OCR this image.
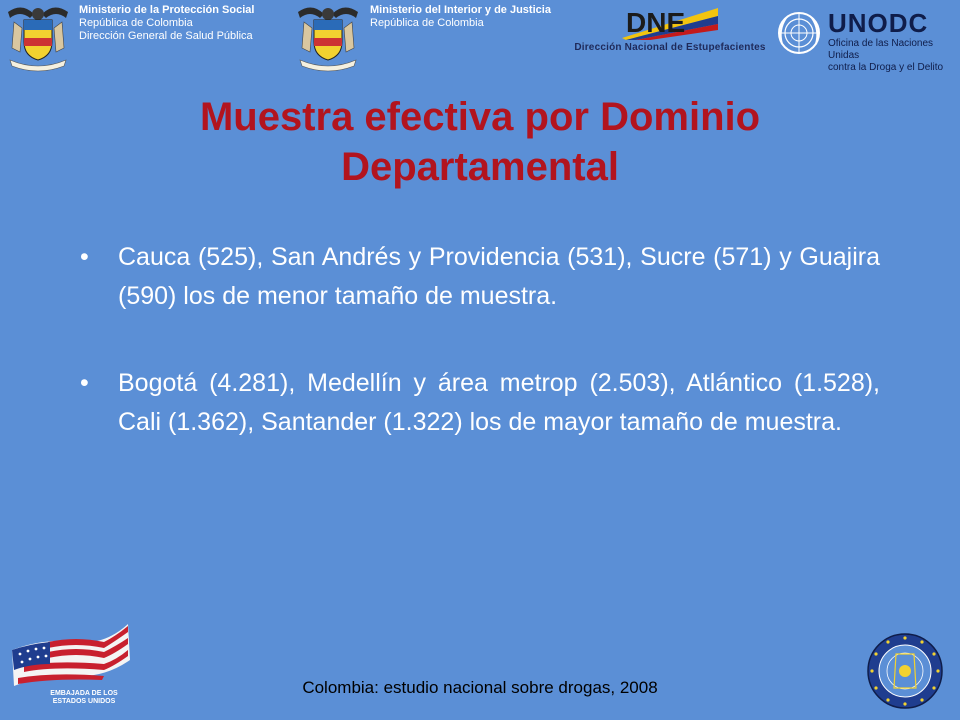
Ministerio de la Protección Social
República de Colombia
Dirección General de Salud Pública
Ministerio del Interior y de Justicia
República de Colombia	DNE
Dirección Nacional de Estupefacientes
UNODC
Oficina de las Naciones Unidas
contra la Droga y el Delito
Muestra efectiva por Dominio
Departamental
•	Cauca (525), San Andrés y Providencia (531), Sucre (571) y Guajira (590) los de menor tamaño de muestra.
•	Bogotá (4.281), Medellín y área metrop (2.503), Atlántico (1.528), Cali (1.362), Santander (1.322) los de mayor tamaño de muestra.
EMBAJADA DE LOS
ESTADOS UNIDOS
Colombia: estudio nacional sobre drogas, 2008
